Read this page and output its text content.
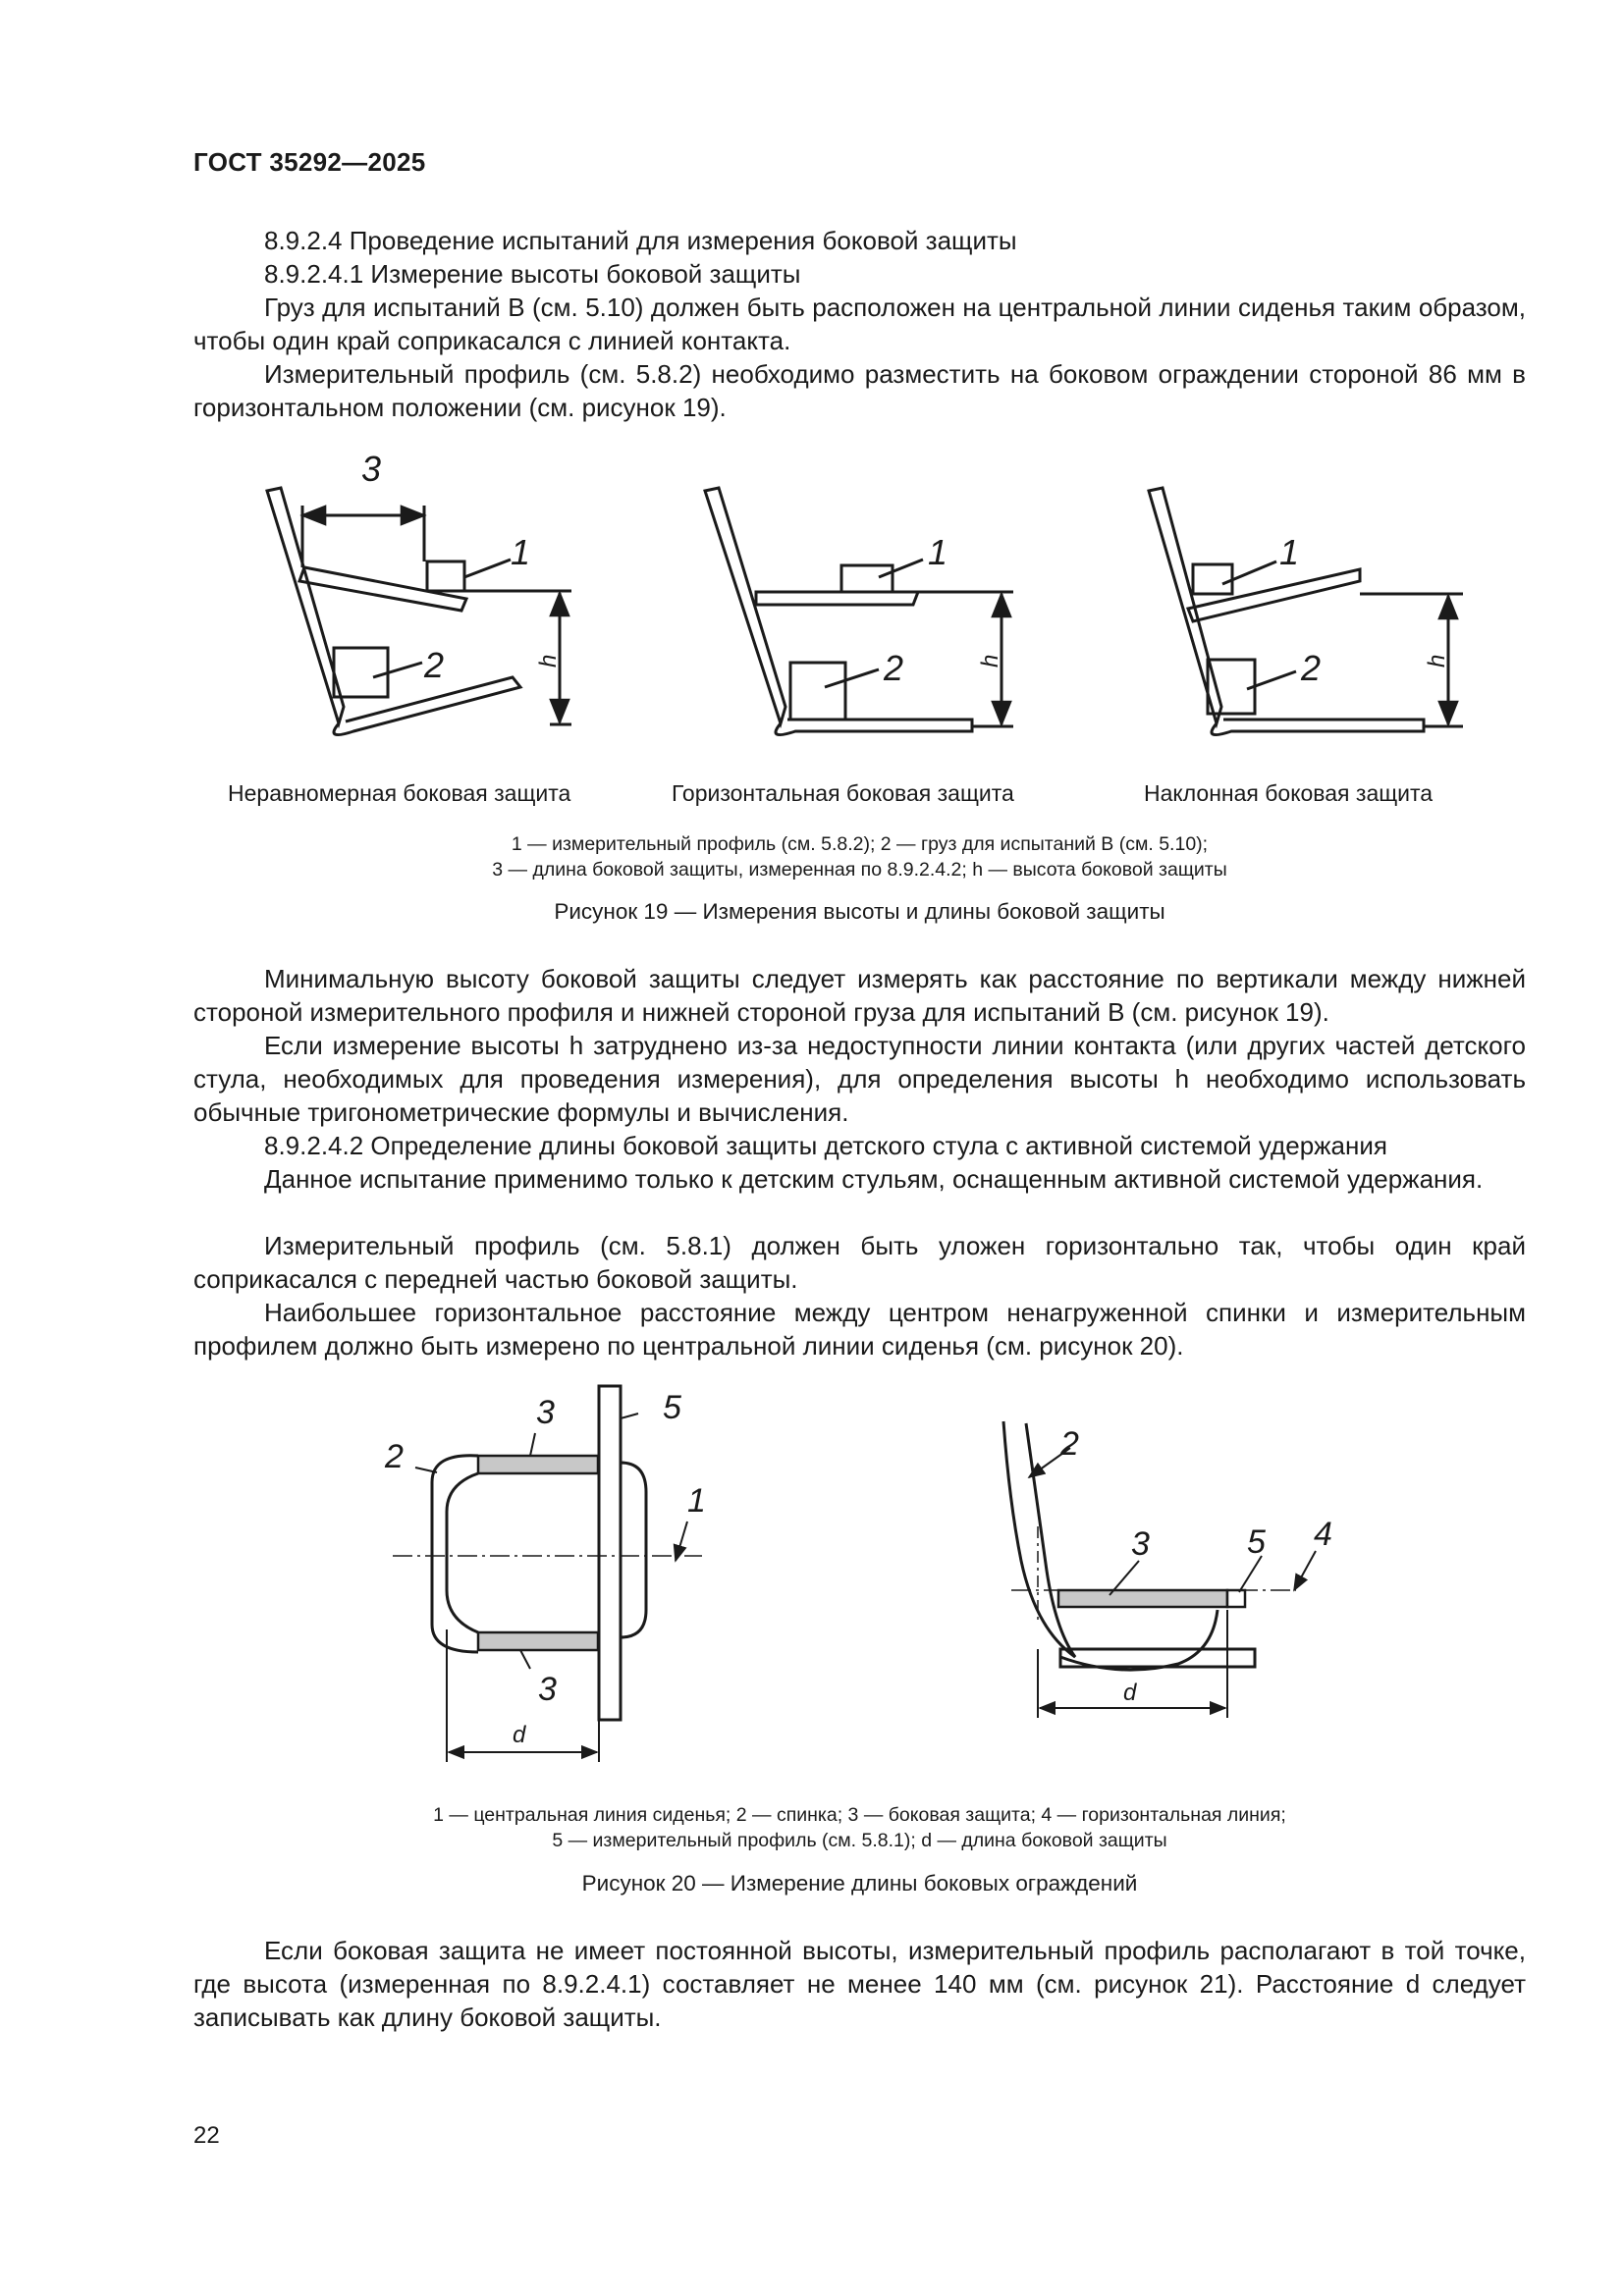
ГОСТ 35292—2025

8.9.2.4 Проведение испытаний для измерения боковой защиты

8.9.2.4.1 Измерение высоты боковой защиты

Груз для испытаний В (см. 5.10) должен быть расположен на центральной линии сиденья таким образом, чтобы один край соприкасался с линией контакта.

Измерительный профиль (см. 5.8.2) необходимо разместить на боковом ограждении стороной 86 мм в горизонтальном положении (см. рисунок 19).

3
1
2
1
2
1
2
h	h	h
Неравномерная боковая защита	Горизонтальная боковая защита	Наклонная боковая защита
1 — измерительный профиль (см. 5.8.2); 2 — груз для испытаний В (см. 5.10);
3 — длина боковой защиты, измеренная по 8.9.2.4.2; h — высота боковой защиты
Рисунок 19 — Измерения высоты и длины боковой защиты

Минимальную высоту боковой защиты следует измерять как расстояние по вертикали между нижней стороной измерительного профиля и нижней стороной груза для испытаний В (см. рисунок 19).

Если измерение высоты h затруднено из-за недоступности линии контакта (или других частей детского стула, необходимых для проведения измерения), для определения высоты h необходимо использовать обычные тригонометрические формулы и вычисления.

8.9.2.4.2 Определение длины боковой защиты детского стула с активной системой удержания

Данное испытание применимо только к детским стульям, оснащенным активной системой удержания.

Измерительный профиль (см. 5.8.1) должен быть уложен горизонтально так, чтобы один край соприкасался с передней частью боковой защиты.

Наибольшее горизонтальное расстояние между центром ненагруженной спинки и измерительным профилем должно быть измерено по центральной линии сиденья (см. рисунок 20).

3	5
2
1
3
2
3	5 4
d
d
1 — центральная линия сиденья; 2 — спинка; 3 — боковая защита; 4 — горизонтальная линия;
5 — измерительный профиль (см. 5.8.1); d — длина боковой защиты
Рисунок 20 — Измерение длины боковых ограждений

Если боковая защита не имеет постоянной высоты, измерительный профиль располагают в той точке, где высота (измеренная по 8.9.2.4.1) составляет не менее 140 мм (см. рисунок 21). Расстояние d следует записывать как длину боковой защиты.

22
